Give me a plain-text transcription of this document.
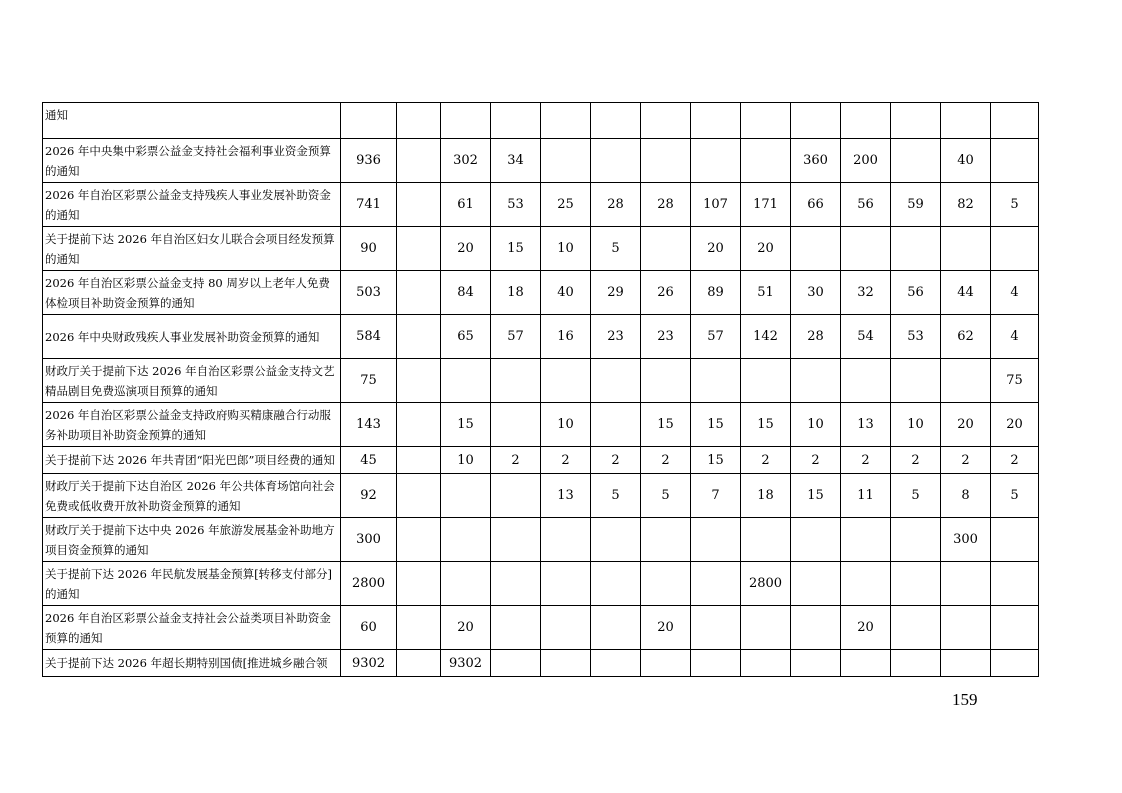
通知														
2026 年中央集中彩票公益金支持社会福利事业资金预算的通知	936		302	34						360	200		40	
2026 年自治区彩票公益金支持残疾人事业发展补助资金的通知	741		61	53	25	28	28	107	171	66	56	59	82	5
关于提前下达 2026 年自治区妇女儿联合会项目经发预算的通知	90		20	15	10	5		20	20					
2026 年自治区彩票公益金支持 80 周岁以上老年人免费体检项目补助资金预算的通知	503		84	18	40	29	26	89	51	30	32	56	44	4
2026 年中央财政残疾人事业发展补助资金预算的通知	584		65	57	16	23	23	57	142	28	54	53	62	4
财政厅关于提前下达 2026 年自治区彩票公益金支持文艺精品剧目免费巡演项目预算的通知	75													75
2026 年自治区彩票公益金支持政府购买精康融合行动服务补助项目补助资金预算的通知	143		15		10		15	15	15	10	13	10	20	20
关于提前下达 2026 年共青团“阳光巴郎”项目经费的通知	45		10	2	2	2	2	15	2	2	2	2	2	2
财政厅关于提前下达自治区 2026 年公共体育场馆向社会免费或低收费开放补助资金预算的通知	92				13	5	5	7	18	15	11	5	8	5
财政厅关于提前下达中央 2026 年旅游发展基金补助地方项目资金预算的通知	300												300	
关于提前下达 2026 年民航发展基金预算[转移支付部分]的通知	2800								2800					
2026 年自治区彩票公益金支持社会公益类项目补助资金预算的通知	60		20				20				20			
关于提前下达 2026 年超长期特别国债[推进城乡融合领	9302		9302											
159
